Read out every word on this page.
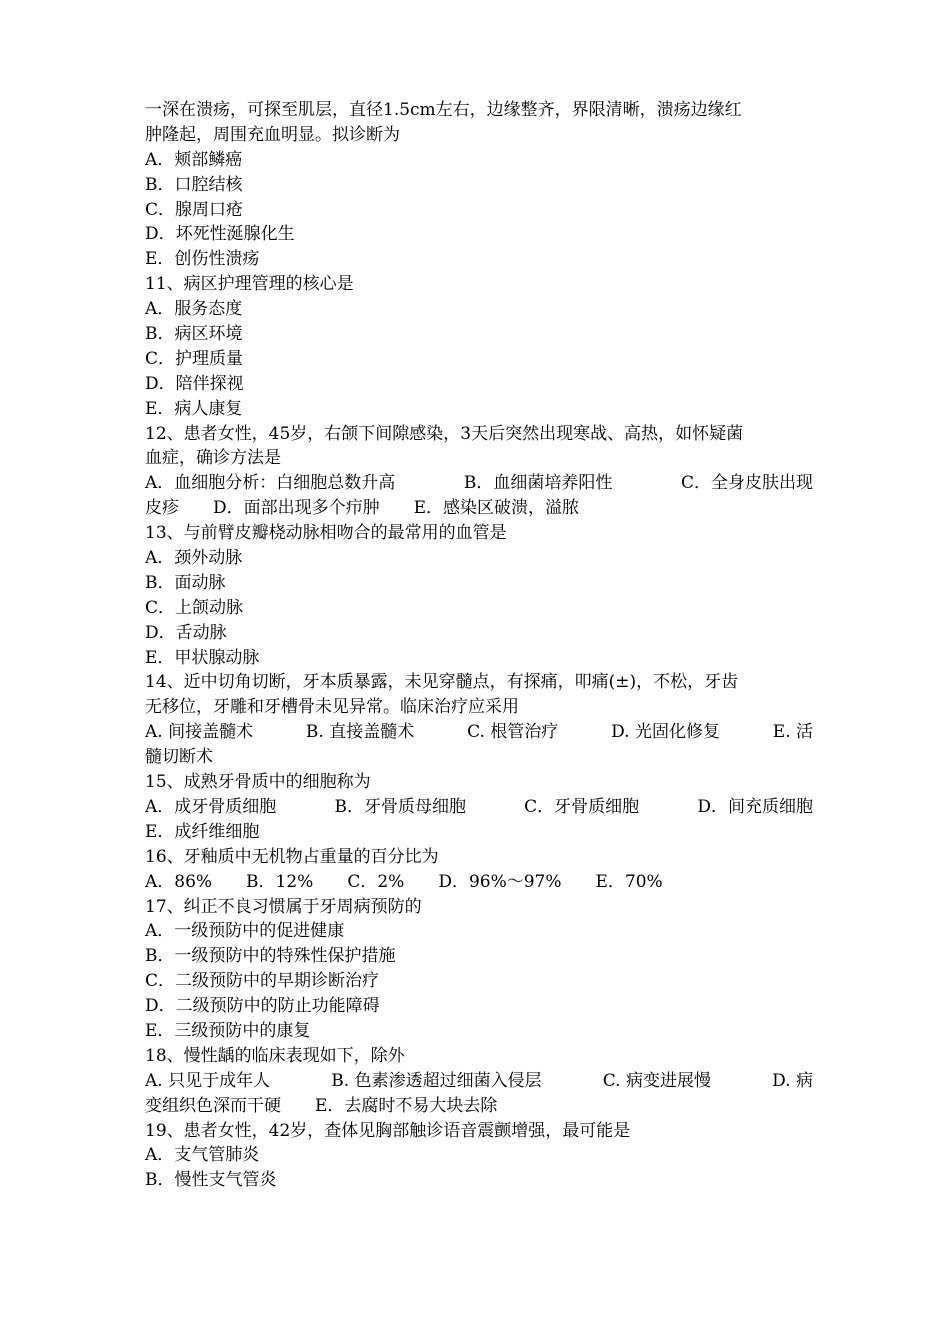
一深在溃疡，可探至肌层，直径1.5cm左右，边缘整齐，界限清晰，溃疡边缘红
肿隆起，周围充血明显。拟诊断为
A．颊部鳞癌
B．口腔结核
C．腺周口疮
D．坏死性涎腺化生
E．创伤性溃疡
11、病区护理管理的核心是
A．服务态度
B．病区环境
C．护理质量
D．陪伴探视
E．病人康复
12、患者女性，45岁，右颌下间隙感染，3天后突然出现寒战、高热，如怀疑菌
血症，确诊方法是
A．血细胞分析：白细胞总数升高	B．血细菌培养阳性	C．全身皮肤出现
皮疹　　D．面部出现多个疖肿　　E．感染区破溃，溢脓
13、与前臂皮瓣桡动脉相吻合的最常用的血管是
A．颈外动脉
B．面动脉
C．上颌动脉
D．舌动脉
E．甲状腺动脉
14、近中切角切断，牙本质暴露，未见穿髓点，有探痛，叩痛(±)，不松，牙齿
无移位，牙雕和牙槽骨未见异常。临床治疗应采用
A. 间接盖髓术	B. 直接盖髓术	C. 根管治疗	D. 光固化修复	E. 活
髓切断术
15、成熟牙骨质中的细胞称为
A．成牙骨质细胞	B．牙骨质母细胞	C．牙骨质细胞	D．间充质细胞
E．成纤维细胞
16、牙釉质中无机物占重量的百分比为
A．86%　　B．12%　　C．2%　　D．96%～97%　　E．70%
17、纠正不良习惯属于牙周病预防的
A．一级预防中的促进健康
B．一级预防中的特殊性保护措施
C．二级预防中的早期诊断治疗
D．二级预防中的防止功能障碍
E．三级预防中的康复
18、慢性龋的临床表现如下，除外
A. 只见于成年人	B. 色素渗透超过细菌入侵层	C. 病变进展慢	D. 病
变组织色深而干硬　　E．去腐时不易大块去除
19、患者女性，42岁，查体见胸部触诊语音震颤增强，最可能是
A．支气管肺炎
B．慢性支气管炎
